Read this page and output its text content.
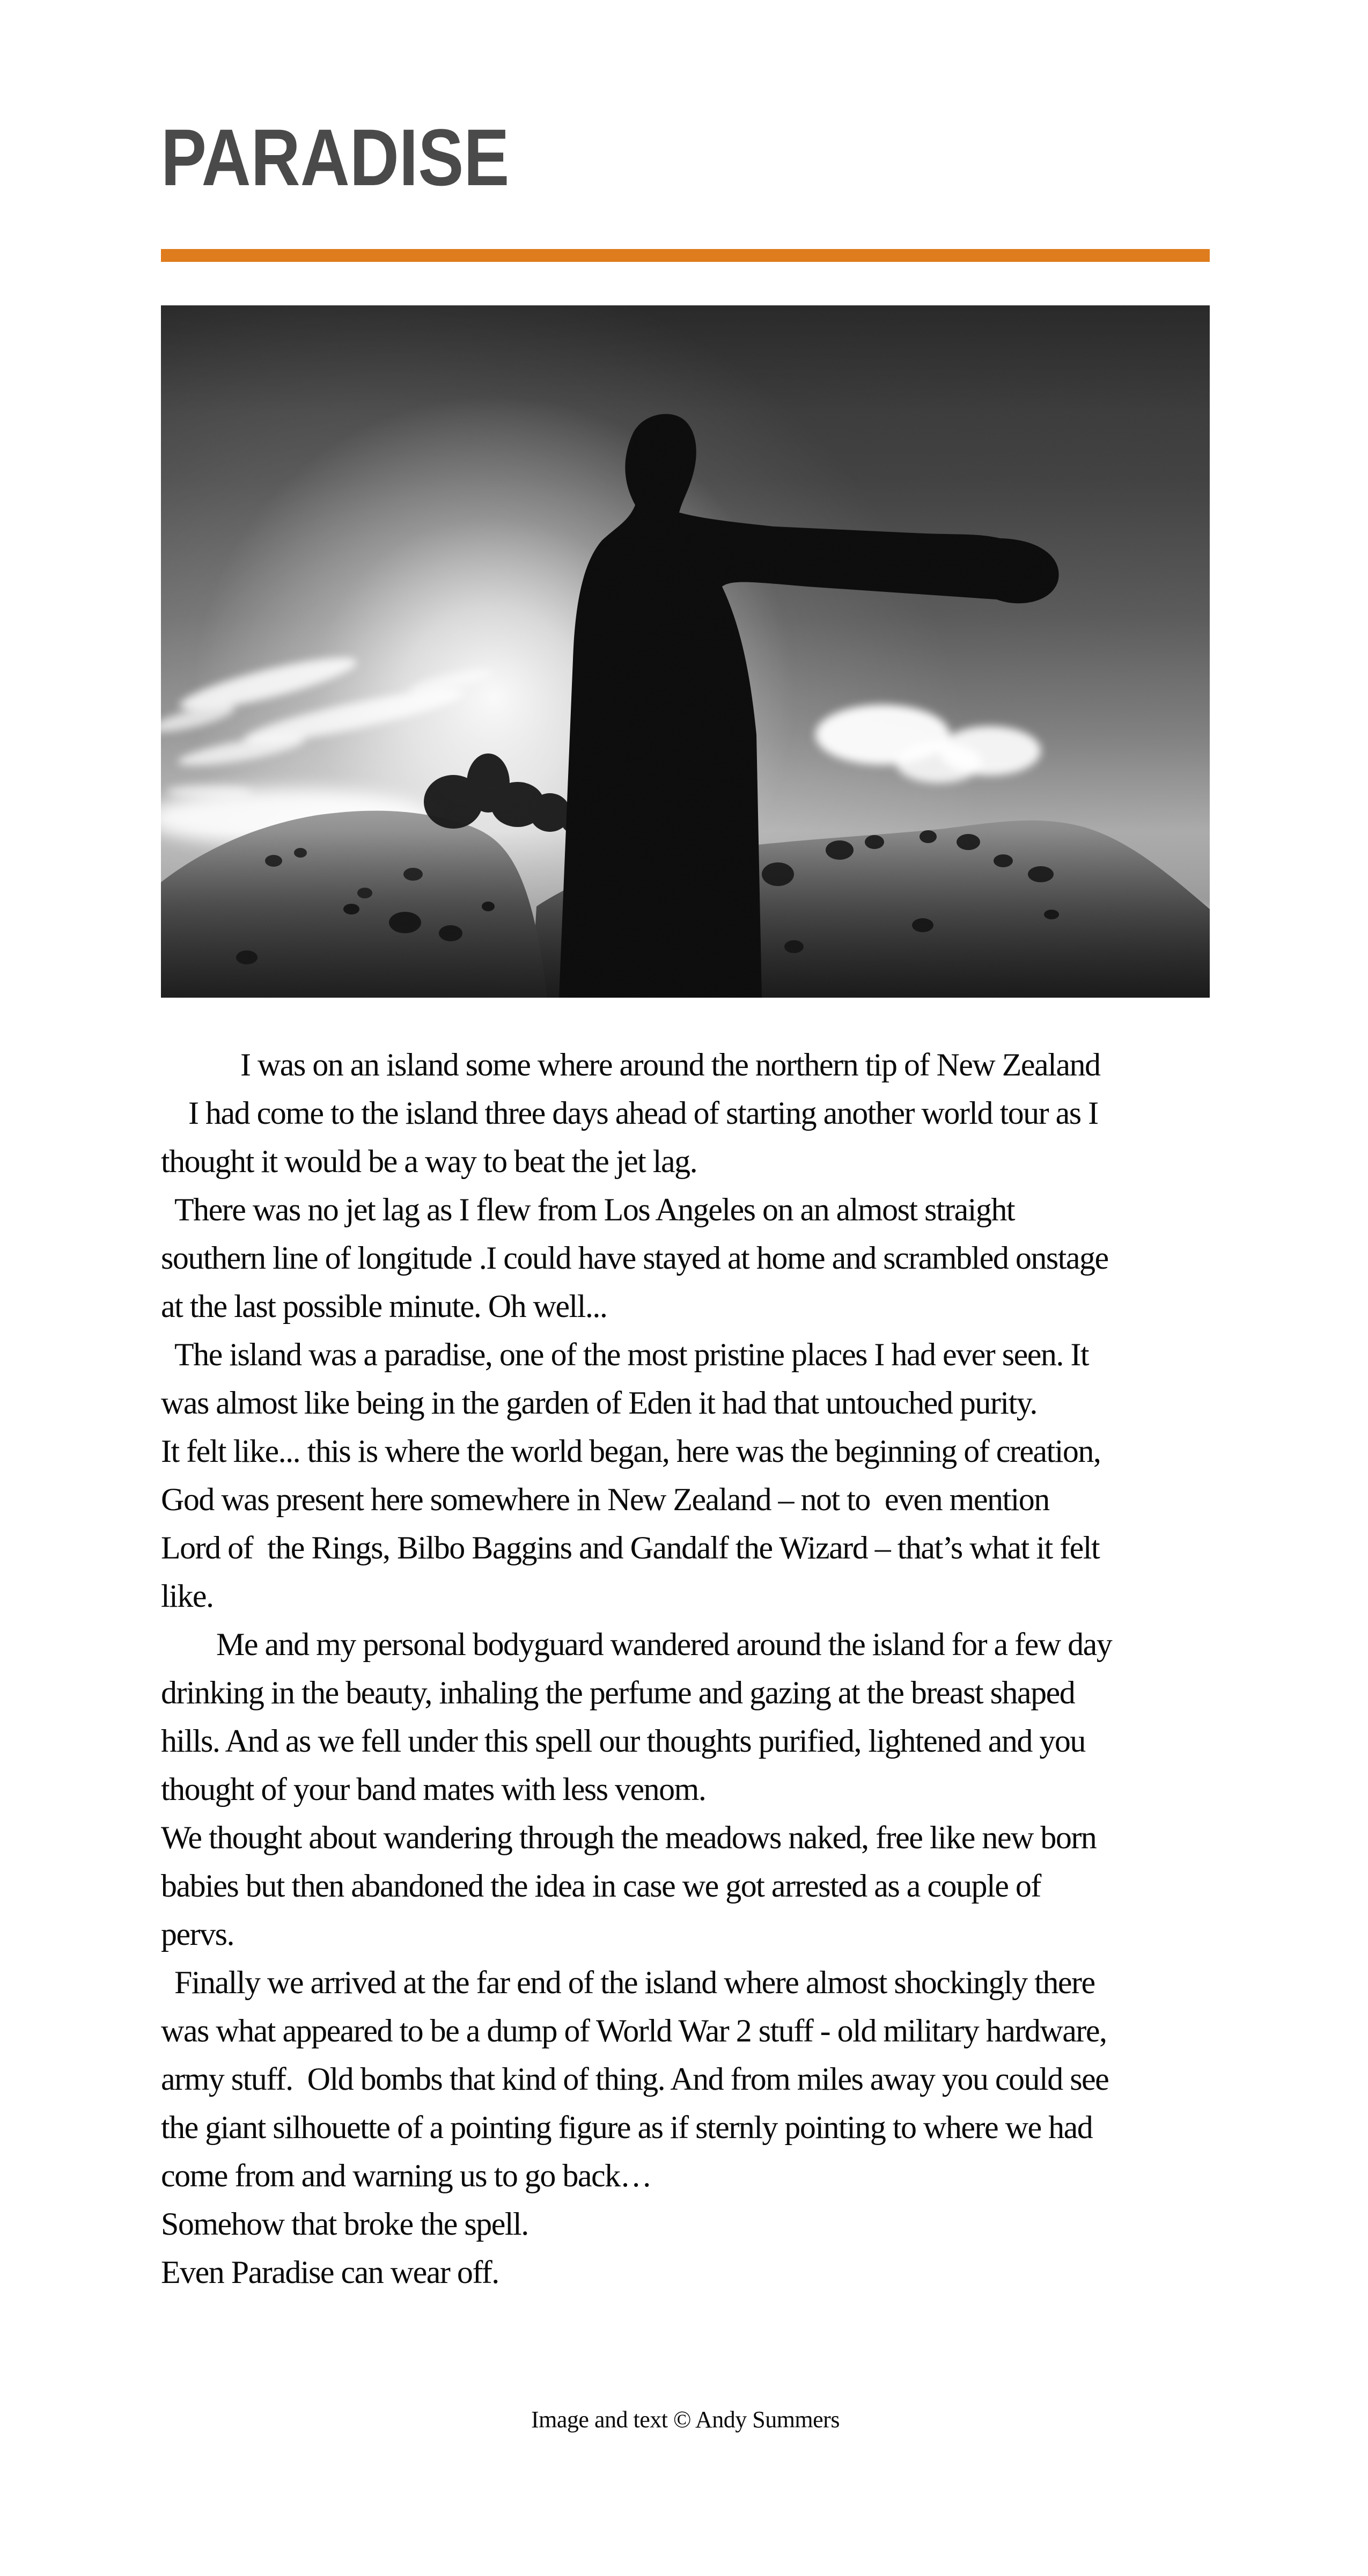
PARADISE
I was on an island some where around the northern tip of New Zealand
I had come to the island three days ahead of starting another world tour as I
thought it would be a way to beat the jet lag.
There was no jet lag as I flew from Los Angeles on an almost straight
southern line of longitude .I could have stayed at home and scrambled onstage
at the last possible minute. Oh well...
The island was a paradise, one of the most pristine places I had ever seen. It
was almost like being in the garden of Eden it had that untouched purity.
It felt like... this is where the world began, here was the beginning of creation,
God was present here somewhere in New Zealand – not to  even mention
Lord of  the Rings, Bilbo Baggins and Gandalf the Wizard – that’s what it felt
like.
Me and my personal bodyguard wandered around the island for a few day
drinking in the beauty, inhaling the perfume and gazing at the breast shaped
hills. And as we fell under this spell our thoughts purified, lightened and you
thought of your band mates with less venom.
We thought about wandering through the meadows naked, free like new born
babies but then abandoned the idea in case we got arrested as a couple of
pervs.
Finally we arrived at the far end of the island where almost shockingly there
was what appeared to be a dump of World War 2 stuff - old military hardware,
army stuff.  Old bombs that kind of thing. And from miles away you could see
the giant silhouette of a pointing figure as if sternly pointing to where we had
come from and warning us to go back…
Somehow that broke the spell.
Even Paradise can wear off.
Image and text © Andy Summers
